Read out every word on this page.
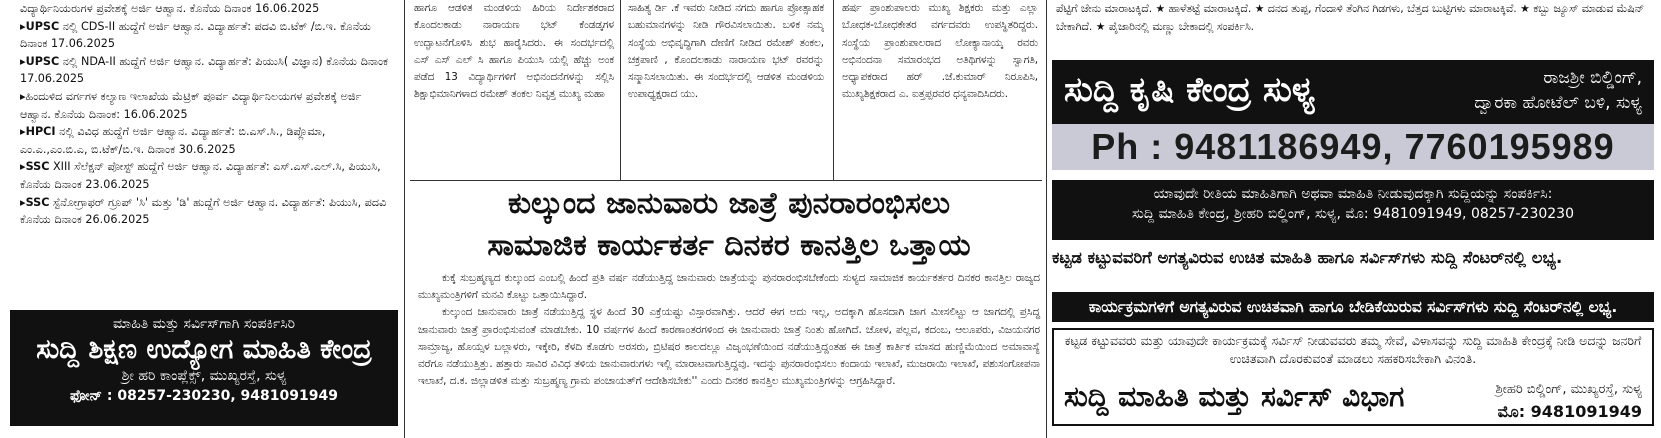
ವಿದ್ಯಾರ್ಥಿನಿಯರುಗಳ ಪ್ರವೇಶಕ್ಕೆ ಅರ್ಜಿ ಆಹ್ವಾನ. ಕೊನೆಯ ದಿನಾಂಕ 16.06.2025

▸UPSC ನಲ್ಲಿ CDS-II ಹುದ್ದೆಗೆ ಅರ್ಜಿ ಆಹ್ವಾನ. ವಿದ್ಯಾರ್ಹತೆ: ಪದವಿ ಬಿ.ಟೆಕ್ /ಬಿ.ಇ. ಕೊನೆಯ ದಿನಾಂಕ 17.06.2025

▸UPSC ನಲ್ಲಿ NDA-II ಹುದ್ದೆಗೆ ಅರ್ಜಿ ಆಹ್ವಾನ. ವಿದ್ಯಾರ್ಹತೆ: ಪಿಯುಸಿ( ವಿಜ್ಞಾನ) ಕೊನೆಯ ದಿನಾಂಕ 17.06.2025

▸ಹಿಂದುಳಿದ ವರ್ಗಗಳ ಕಲ್ಯಾಣ ಇಲಾಖೆಯ ಮೆಟ್ರಿಕ್ ಪೂರ್ವ ವಿದ್ಯಾರ್ಥಿನಿಲಯಗಳ ಪ್ರವೇಶಕ್ಕೆ ಅರ್ಜಿ ಆಹ್ವಾನ. ಕೊನೆಯ ದಿನಾಂಕ: 16.06.2025

▸HPCI ನಲ್ಲಿ ವಿವಿಧ ಹುದ್ದೆಗೆ ಅರ್ಜಿ ಆಹ್ವಾನ. ವಿದ್ಯಾರ್ಹತೆ: ಬಿ.ಎಸ್.ಸಿ., ಡಿಪ್ಲೊಮಾ, ಎಂ.ಎ.,ಎಂ.ಬಿ.ಎ, ಬಿ.ಟೆಕ್/ಬಿ.ಇ. ದಿನಾಂಕ 30.6.2025

▸SSC XIII ಸೆಲೆಕ್ಷನ್ ಪೋಸ್ಟ್ ಹುದ್ದೆಗೆ ಅರ್ಜಿ ಆಹ್ವಾನ. ವಿದ್ಯಾರ್ಹತೆ: ಎಸ್.ಎಸ್.ಎಲ್.ಸಿ, ಪಿಯುಸಿ, ಕೊನೆಯ ದಿನಾಂಕ 23.06.2025

▸SSC ಸ್ಟೆನೋಗ್ರಾಫರ್ ಗ್ರೂಪ್ 'ಸಿ' ಮತ್ತು 'ಡಿ' ಹುದ್ದೆಗೆ ಅರ್ಜಿ ಆಹ್ವಾನ. ವಿದ್ಯಾರ್ಹತೆ: ಪಿಯುಸಿ, ಪದವಿ ಕೊನೆಯ ದಿನಾಂಕ 26.06.2025

ಮಾಹಿತಿ ಮತ್ತು ಸರ್ವಿಸ್‌ಗಾಗಿ ಸಂಪರ್ಕಿಸಿರಿ
ಸುದ್ದಿ ಶಿಕ್ಷಣ ಉದ್ಯೋಗ ಮಾಹಿತಿ ಕೇಂದ್ರ
ಶ್ರೀ ಹರಿ ಕಾಂಪ್ಲೆಕ್ಸ್, ಮುಖ್ಯರಸ್ತೆ, ಸುಳ್ಯ
ಫೋನ್ : 08257-230230, 9481091949
ಹಾಗೂ ಆಡಳಿತ ಮಂಡಳಿಯ ಹಿರಿಯ ನಿರ್ದೇಶಕರಾದ ಕೊಂದಲಕಾಡು ನಾರಾಯಣ ಭಟ್ ಕೆಂಡಡ್ಕಗಳ ಉದ್ಘಾಟನೆಗೊಳಿಸಿ ಶುಭ ಹಾರೈಸಿದರು. ಈ ಸಂದರ್ಭದಲ್ಲಿ ಎಸ್ ಎಸ್ ಎಲ್ ಸಿ ಹಾಗೂ ಪಿಯುಸಿ ಯಲ್ಲಿ ಹೆಚ್ಚು ಅಂಕ ಪಡೆದ 13 ವಿದ್ಯಾರ್ಥಿಗಳಿಗೆ ಅಭಿನಂದನೆಗಳನ್ನು ಸಲ್ಲಿಸಿ ಶಿಕ್ಷಾಭಿಮಾನಿಗಳಾದ ರಮೇಶ್ ತಂಕಲ ನಿವೃತ್ತ ಮುಖ್ಯ ಮಹಾ
ಸಾಹಿತ್ಯ ರ್ಡಿ .ಕೆ ಇವರು ನೀಡಿದ ನಗದು ಹಾಗೂ ಪ್ರೋತ್ಸಾಹಕ ಬಹುಮಾನಗಳನ್ನು ನೀಡಿ ಗೌರವಿಸಲಾಯಿತು. ಬಳಿಕ ನಮ್ಮ ಸಂಸ್ಥೆಯ ಅಭಿವೃದ್ಧಿಗಾಗಿ ದೇಣಿಗೆ ನೀಡಿದ ರಮೇಶ್ ತಂಕಲ, ಚಕ್ರಪಾಣಿ , ಕೊಂದಲಕಾಡು ನಾರಾಯಣ ಭಟ್ ರವರನ್ನು ಸನ್ಮಾನಿಸಲಾಯಿತು. ಈ ಸಂದರ್ಭದಲ್ಲಿ ಆಡಳಿತ ಮಂಡಳಿಯ ಉಪಾಧ್ಯಕ್ಷರಾದ ಯು.
ಹರ್ಷ ಪ್ರಾಂಶುಪಾಲರು ಮುಖ್ಯ ಶಿಕ್ಷಕರು ಮತ್ತು ಎಲ್ಲಾ ಬೋಧಕ-ಬೋಧಕೇತರ ವರ್ಗದವರು ಉಪಸ್ಥಿತರಿದ್ದರು. ಸಂಸ್ಥೆಯ ಪ್ರಾಂಶುಪಾಲರಾದ ಲೋಕ್ಯಾನಾಯ್ಕ ರವರು ಅಭಿನಂದನಾ ಸಮಾರಂಭದ ಅತಿಥಿಗಳನ್ನು ಸ್ವಾಗತಿ, ಅಧ್ಯಾಪಕರಾದ ಹರ್ .ಜೆ.ಕುಮಾರ್ ನಿರೂಪಿಸಿ, ಮುಖ್ಯಶಿಕ್ಷಕರಾದ ಎ. ಐತ್ತಪ್ಪರವರ ಧನ್ಯವಾದಿಸಿದರು.
ಕುಲ್ಕುಂದ ಜಾನುವಾರು ಜಾತ್ರೆ ಪುನರಾರಂಭಿಸಲು
ಸಾಮಾಜಿಕ ಕಾರ್ಯಕರ್ತ ದಿನಕರ ಕಾನತ್ತಿಲ ಒತ್ತಾಯ

ಕುಕ್ಕೆ ಸುಬ್ರಹ್ಮಣ್ಯದ ಕುಲ್ಕುಂದ ಎಂಬಲ್ಲಿ ಹಿಂದೆ ಪ್ರತಿ ವರ್ಷ ನಡೆಯುತ್ತಿದ್ದ ಜಾನುವಾರು ಜಾತ್ರೆಯನ್ನು ಪುನರಾರಂಭಿಸಬೇಕೆಂದು ಸುಳ್ಯದ ಸಾಮಾಜಿಕ ಕಾರ್ಯಕರ್ತರ ದಿನಕರ ಕಾನತ್ತಿಲ ರಾಜ್ಯದ ಮುಖ್ಯಮಂತ್ರಿಗಳಿಗೆ ಮನವಿ ಕೊಟ್ಟು ಒತ್ತಾಯಿಸಿದ್ದಾರೆ.

ಕುಲ್ಕುಂದ ಜಾನುವಾರು ಜಾತ್ರೆ ನಡೆಯುತ್ತಿದ್ದ ಸ್ಥಳ ಹಿಂದೆ 30 ಎಕ್ರೆಯಷ್ಟು ವಿಸ್ತಾರವಾಗಿತ್ತು. ಆದರೆ ಈಗ ಅದು ಇಲ್ಲ, ಅದಕ್ಕಾಗಿ ಹೊಸದಾಗಿ ಜಾಗ ಮೀಸಲಿಟ್ಟು ಆ ಜಾಗದಲ್ಲಿ ಪ್ರಸಿದ್ಧ ಜಾನುವಾರು ಜಾತ್ರೆ ಪ್ರಾರಂಭಿಸುವಂತೆ ಮಾಡಬೇಕು. 10 ವರ್ಷಗಳ ಹಿಂದೆ ಕಾರಣಾಂತರಗಳಿಂದ ಈ ಜಾನುವಾರು ಜಾತ್ರೆ ನಿಂತು ಹೋಗಿದೆ. ಚೋಳ, ಪಲ್ಲವ, ಕದಂಬ, ಆಲೂಪರು, ವಿಜಯನಗರ ಸಾಮ್ರಾಜ್ಯ, ಹೊಯ್ಸಳ ಬಲ್ಲಾಳರು, ಇಕ್ಕೇರಿ, ಕೆಳದಿ ಕೊಡಗು ಅರಸರು, ಬ್ರಿಟಿಷರ ಕಾಲದಲ್ಲೂ ವಿಜೃಂಭಣೆಯಿಂದ ನಡೆಯುತ್ತಿದ್ದಂತಹ ಈ ಜಾತ್ರೆ ಕಾರ್ತಿಕ ಮಾಸದ ಹುಣ್ಣಿಮೆಯಿಂದ ಅಮಾವಾಸ್ಯೆ ವರೆಗೂ ನಡೆಯುತ್ತಿತ್ತು. ಹತ್ತಾರು ಸಾವಿರ ವಿವಿಧ ತಳಿಯ ಜಾನುವಾರುಗಳು ಇಲ್ಲಿ ಮಾರಾಟವಾಗುತ್ತಿದ್ದವು. ಇದನ್ನು ಪುನರಾರಂಭಿಸಲು ಕಂದಾಯ ಇಲಾಖೆ, ಮುಜರಾಯಿ ಇಲಾಖೆ, ಪಶುಸಂಗೋಪನಾ ಇಲಾಖೆ, ದ.ಕ. ಜಿಲ್ಲಾಡಳಿತ ಮತ್ತು ಸುಬ್ರಹ್ಮಣ್ಯ ಗ್ರಾಮ ಪಂಚಾಯತ್‌ಗೆ ಆದೇಶಿಸಬೇಕು'' ಎಂದು ದಿನಕರ ಕಾನತ್ತಿಲ ಮುಖ್ಯಮಂತ್ರಿಗಳನ್ನು ಆಗ್ರಹಿಸಿದ್ದಾರೆ.

ಪೆಟ್ಟಿಗೆ ಜೇನು ಮಾರಾಟಕ್ಕಿದೆ. ★ ಹಾಳೆತಟ್ಟೆ ಮಾರಾಟಕ್ಕಿದೆ. ★ ದನದ ತುಪ್ಪ, ಗೆಂದಾಳಿ ತೆಂಗಿನ ಗಿಡಗಳು, ಬೆತ್ತದ ಬುಟ್ಟಿಗಳು ಮಾರಾಟಕ್ಕಿವೆ. ★ ಕಬ್ಬು ಜ್ಯೂಸ್ ಮಾಡುವ ಮೆಷಿನ್ ಬೇಕಾಗಿದೆ. ★ ಪೈಜಾರಿನಲ್ಲಿ ಮಣ್ಣು ಬೇಕಾದಲ್ಲಿ ಸಂಪರ್ಕಿಸಿ.
ಸುದ್ದಿ ಕೃಷಿ ಕೇಂದ್ರ ಸುಳ್ಯ	ರಾಜಶ್ರೀ ಬಿಲ್ಡಿಂಗ್,
ದ್ವಾರಕಾ ಹೋಟೆಲ್ ಬಳಿ, ಸುಳ್ಯ
Ph : 9481186949, 7760195989
ಯಾವುದೇ ರೀತಿಯ ಮಾಹಿತಿಗಾಗಿ ಅಥವಾ ಮಾಹಿತಿ ನೀಡುವುದಕ್ಕಾಗಿ ಸುದ್ದಿಯನ್ನು ಸಂಪರ್ಕಿಸಿ:
ಸುದ್ದಿ ಮಾಹಿತಿ ಕೇಂದ್ರ, ಶ್ರೀಹರಿ ಬಿಲ್ಡಿಂಗ್, ಸುಳ್ಯ, ಮೊ: 9481091949, 08257-230230
ಕಟ್ಟಡ ಕಟ್ಟುವವರಿಗೆ ಅಗತ್ಯವಿರುವ ಉಚಿತ ಮಾಹಿತಿ ಹಾಗೂ ಸರ್ವಿಸ್‌ಗಳು ಸುದ್ದಿ ಸೆಂಟರ್‌ನಲ್ಲಿ ಲಭ್ಯ.
ಕಾರ್ಯಕ್ರಮಗಳಿಗೆ ಅಗತ್ಯವಿರುವ ಉಚಿತವಾಗಿ ಹಾಗೂ ಬೇಡಿಕೆಯಿರುವ ಸರ್ವಿಸ್‌ಗಳು ಸುದ್ದಿ ಸೆಂಟರ್‌ನಲ್ಲಿ ಲಭ್ಯ.
ಕಟ್ಟಡ ಕಟ್ಟುವವರು ಮತ್ತು ಯಾವುದೇ ಕಾರ್ಯಕ್ರಮಕ್ಕೆ ಸರ್ವಿಸ್ ನೀಡುವವರು ತಮ್ಮ ಸೇವೆ, ವಿಳಾಸವನ್ನು ಸುದ್ದಿ ಮಾಹಿತಿ ಕೇಂದ್ರಕ್ಕೆ ನೀಡಿ ಅದನ್ನು ಜನರಿಗೆ ಉಚಿತವಾಗಿ ದೊರಕುವಂತೆ ಮಾಡಲು ಸಹಕರಿಸಬೇಕಾಗಿ ವಿನಂತಿ.
ಸುದ್ದಿ ಮಾಹಿತಿ ಮತ್ತು ಸರ್ವಿಸ್ ವಿಭಾಗ	ಶ್ರೀಹರಿ ಬಿಲ್ಡಿಂಗ್, ಮುಖ್ಯರಸ್ತೆ, ಸುಳ್ಯ
ಮೊ: 9481091949
